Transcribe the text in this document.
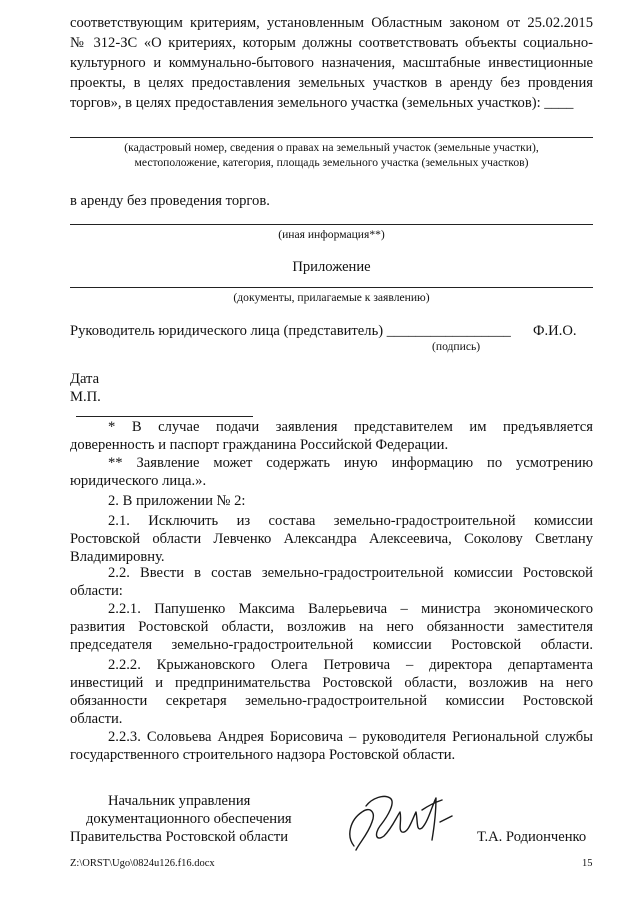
соответствующим критериям, установленным Областным законом от 25.02.2015
№ 312-ЗС «О критериях, которым должны соответствовать объекты социально-
культурного и коммунально-бытового назначения, масштабные инвестиционные
проекты, в целях предоставления земельных участков в аренду без провдения
торгов», в целях предоставления земельного участка (земельных участков): ____
(кадастровый номер, сведения о правах на земельный участок (земельные участки),
местоположение, категория, площадь земельного участка (земельных участков)
в аренду без проведения торгов.
(иная информация**)
Приложение
(документы, прилагаемые к заявлению)
Руководитель юридического лица (представитель) _________________ Ф.И.О.
(подпись)
Дата
М.П.
* В случае подачи заявления представителем им предъявляется
доверенность и паспорт гражданина Российской Федерации.
** Заявление может содержать иную информацию по усмотрению
юридического лица.».
2. В приложении № 2:
2.1. Исключить из состава земельно-градостроительной комиссии
Ростовской области Левченко Александра Алексеевича, Соколову Светлану
Владимировну.
2.2. Ввести в состав земельно-градостроительной комиссии Ростовской
области:
2.2.1. Папушенко Максима Валерьевича – министра экономического
развития Ростовской области, возложив на него обязанности заместителя
председателя земельно-градостроительной комиссии Ростовской области.
2.2.2. Крыжановского Олега Петровича – директора департамента
инвестиций и предпринимательства Ростовской области, возложив на него
обязанности секретаря земельно-градостроительной комиссии Ростовской
области.
2.2.3. Соловьева Андрея Борисовича – руководителя Региональной службы
государственного строительного надзора Ростовской области.
Начальник управления
документационного обеспечения
Правительства Ростовской области	Т.А. Родионченко
Z:\ORST\Ugo\0824u126.f16.docx	15
